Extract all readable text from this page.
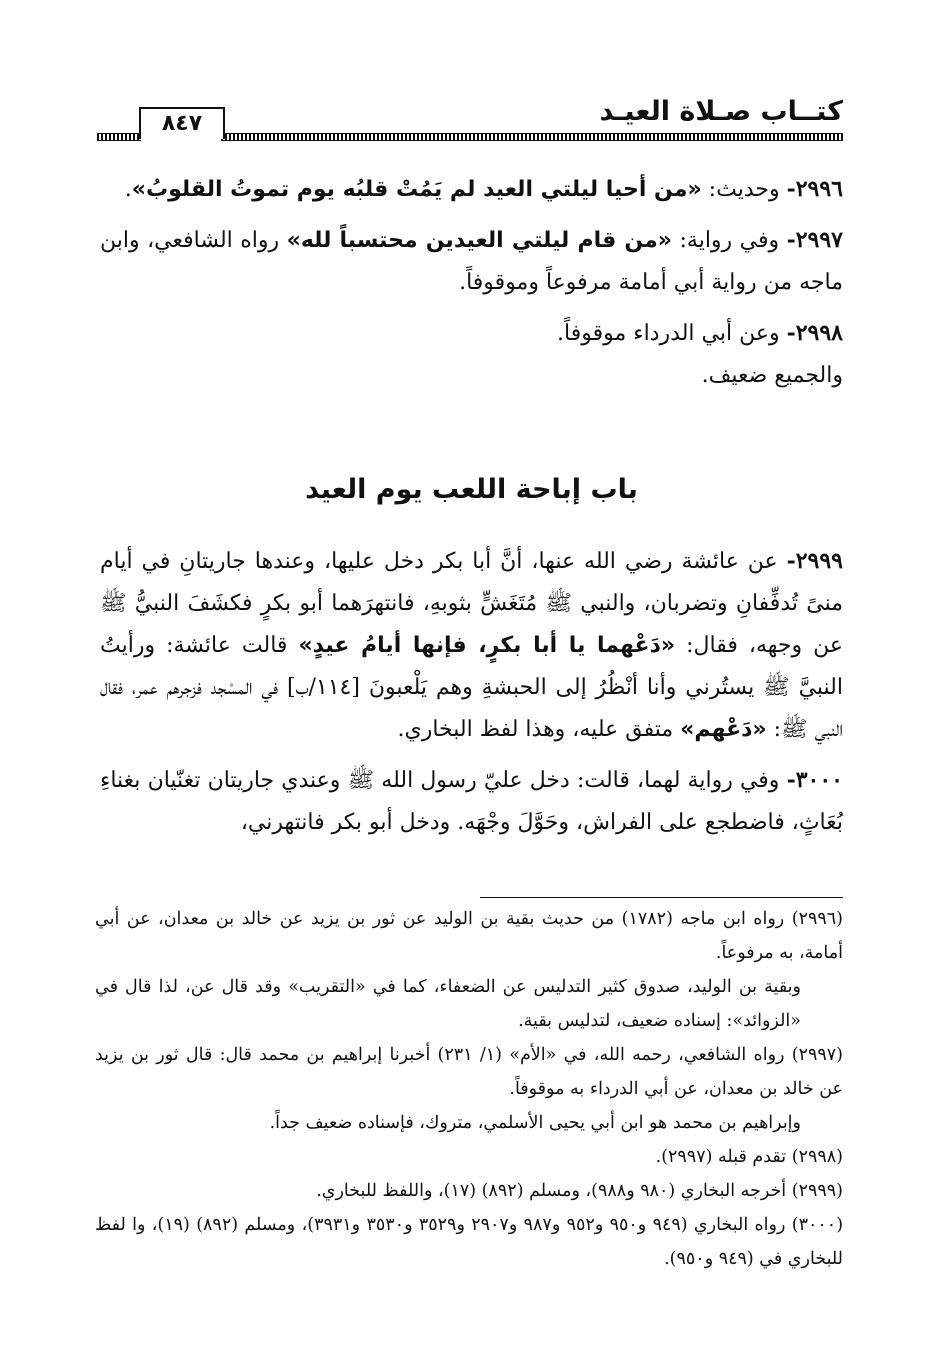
كتــاب صـلاة العيـد
٨٤٧

٢٩٩٦- وحديث: «من أحيا ليلتي العيد لم يَمُتْ قلبُه يوم تموتُ القلوبُ».

٢٩٩٧- وفي رواية: «من قام ليلتي العيدين محتسباً لله» رواه الشافعي، وابن ماجه من رواية أبي أمامة مرفوعاً وموقوفاً.

٢٩٩٨- وعن أبي الدرداء موقوفاً.

والجميع ضعيف.

باب إباحة اللعب يوم العيد

٢٩٩٩- عن عائشة رضي الله عنها، أنَّ أبا بكر دخل عليها، وعندها جاريتانِ في أيام منىً تُدفِّفانِ وتضربان، والنبي ﷺ مُتَغَشٍّ بثوبهِ، فانتهرَهما أبو بكرٍ فكشَفَ النبيُّ ﷺ عن وجهه، فقال: «دَعْهما يا أبا بكرٍ، فإنها أيامُ عيدٍ» قالت عائشة: ورأيتُ النبيَّ ﷺ يستُرني وأنا أنْظُرُ إلى الحبشةِ وهم يَلْعبونَ [١١٤/ب] في المسْجد فزجرهم عمر، فقال النبي ﷺ: «دَعْهم» متفق عليه، وهذا لفظ البخاري.

٣٠٠٠- وفي رواية لهما، قالت: دخل عليّ رسول الله ﷺ وعندي جاريتان تغنّيان بغناءِ بُعَاثٍ، فاضطجع على الفراش، وحَوَّلَ وجْهَه. ودخل أبو بكر فانتهرني،

(٢٩٩٦) رواه ابن ماجه (١٧٨٢) من حديث بقية بن الوليد عن ثور بن يزيد عن خالد بن معدان، عن أبي أمامة، به مرفوعاً.

وبقية بن الوليد، صدوق كثير التدليس عن الضعفاء، كما في «التقريب» وقد قال عن، لذا قال في «الزوائد»: إسناده ضعيف، لتدليس بقية.

(٢٩٩٧) رواه الشافعي، رحمه الله، في «الأم» (١/ ٢٣١) أخبرنا إبراهيم بن محمد قال: قال ثور بن يزيد عن خالد بن معدان، عن أبي الدرداء به موقوفاً.

وإبراهيم بن محمد هو ابن أبي يحيى الأسلمي، متروك، فإسناده ضعيف جداً.

(٢٩٩٨) تقدم قبله (٢٩٩٧).

(٢٩٩٩) أخرجه البخاري (٩٨٠ و٩٨٨)، ومسلم (٨٩٢) (١٧)، واللفظ للبخاري.

(٣٠٠٠) رواه البخاري (٩٤٩ و٩٥٠ و٩٥٢ و٩٨٧ و٢٩٠٧ و٣٥٢٩ و٣٥٣٠ و٣٩٣١)، ومسلم (٨٩٢) (١٩)، وا لفظ للبخاري في (٩٤٩ و٩٥٠).
